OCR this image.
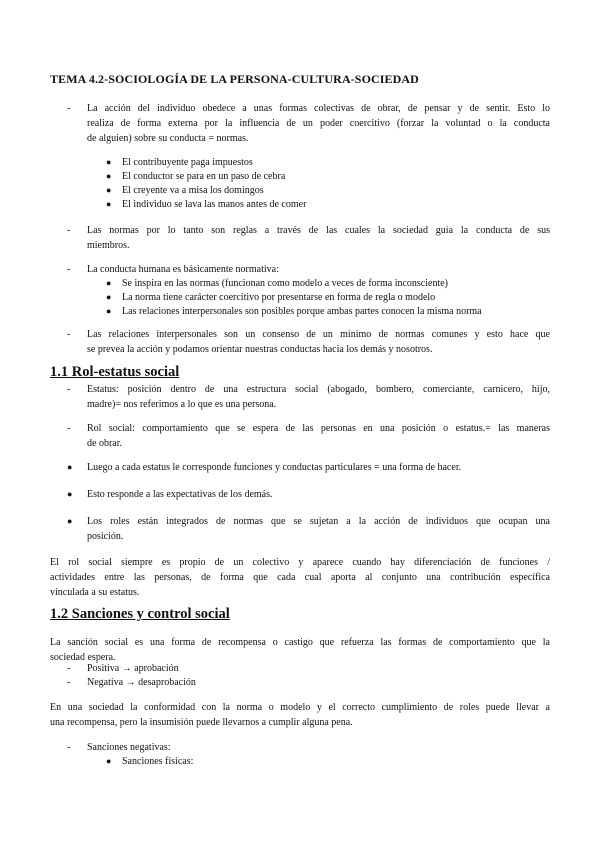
TEMA 4.2-SOCIOLOGÍA DE LA PERSONA-CULTURA-SOCIEDAD
- La acción del individuo obedece a unas formas colectivas de obrar, de pensar y de sentir. Esto lo
realiza de forma externa por la influencia de un poder coercitivo (forzar la voluntad o la conducta
de alguien) sobre su conducta = normas.
● El contribuyente paga impuestos
● El conductor se para en un paso de cebra
● El creyente va a misa los domingos
● El individuo se lava las manos antes de comer
- Las normas por lo tanto son reglas a través de las cuales la sociedad guía la conducta de sus
miembros.
- La conducta humana es básicamente normativa:
● Se inspira en las normas (funcionan como modelo a veces de forma inconsciente)
● La norma tiene carácter coercitivo por presentarse en forma de regla o modelo
● Las relaciones interpersonales son posibles porque ambas partes conocen la misma norma
- Las relaciones interpersonales son un consenso de un mínimo de normas comunes y esto hace que
se prevea la acción y podamos orientar nuestras conductas hacia los demás y nosotros.
1.1 Rol-estatus social
- Estatus: posición dentro de una estructura social (abogado, bombero, comerciante, carnicero, hijo,
madre)= nos referimos a lo que es una persona.
- Rol social: comportamiento que se espera de las personas en una posición o estatus.= las maneras
de obrar.
● Luego a cada estatus le corresponde funciones y conductas particulares = una forma de hacer.
● Esto responde a las expectativas de los demás.
● Los roles están integrados de normas que se sujetan a la acción de individuos que ocupan una
posición.
El rol social siempre es propio de un colectivo y aparece cuando hay diferenciación de funciones /
actividades entre las personas, de forma que cada cual aporta al conjunto una contribución específica
vinculada a su estatus.
1.2 Sanciones y control social
La sanción social es una forma de recompensa o castigo que refuerza las formas de comportamiento que la
sociedad espera.
- Positiva → aprobación
- Negativa → desaprobación
En una sociedad la conformidad con la norma o modelo y el correcto cumplimiento de roles puede llevar a
una recompensa, pero la insumisión puede llevarnos a cumplir alguna pena.
- Sanciones negativas:
● Sanciones físicas:
